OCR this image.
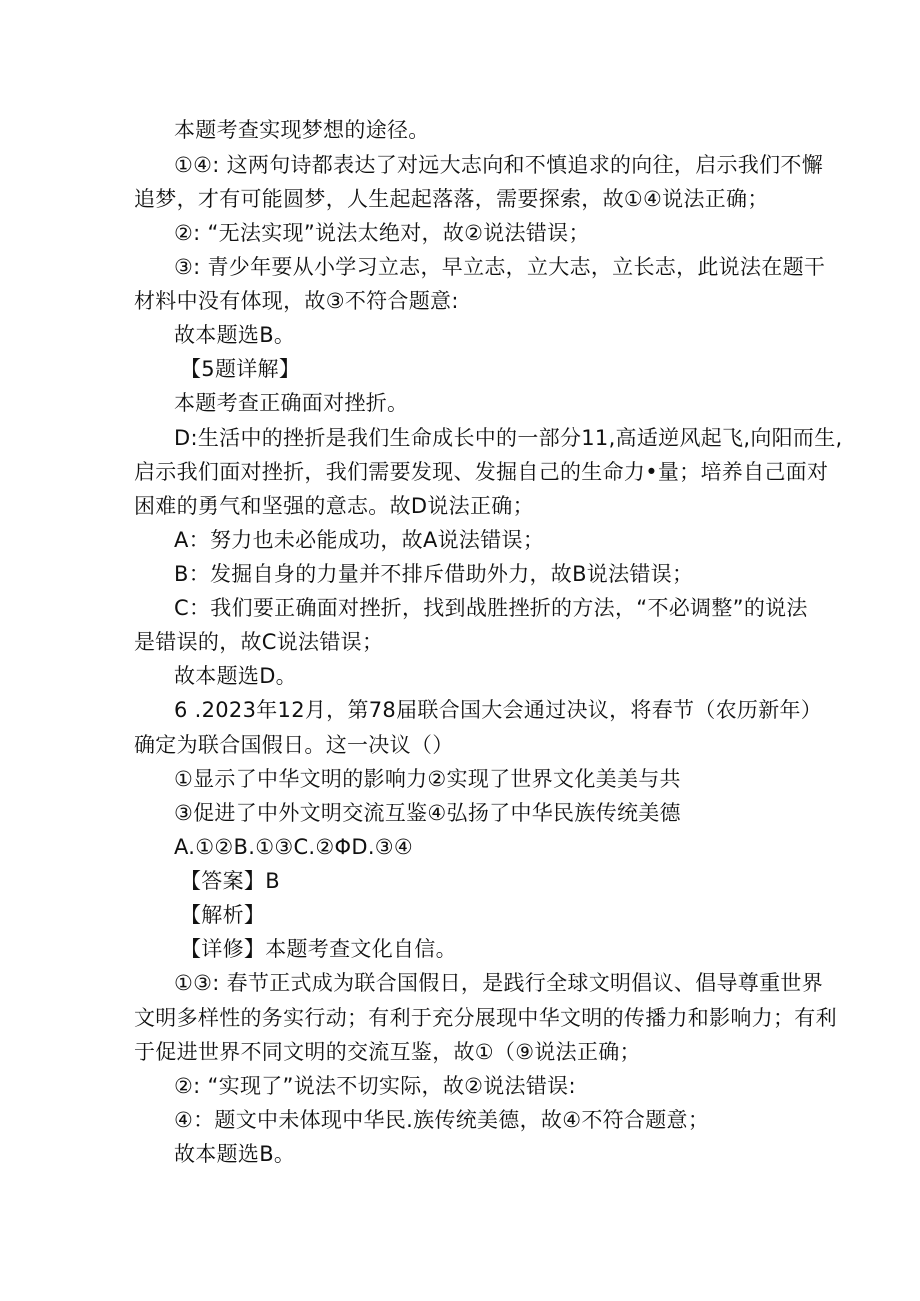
本题考查实现梦想的途径。
①④: 这两句诗都表达了对远大志向和不慎追求的向往，启示我们不懈
追梦，才有可能圆梦，人生起起落落，需要探索，故①④说法正确；
②: “无法实现”说法太绝对，故②说法错误；
③: 青少年要从小学习立志，早立志，立大志，立长志，此说法在题干
材料中没有体现，故③不符合题意:
故本题选B。
【5题详解】
本题考查正确面对挫折。
D:生活中的挫折是我们生命成长中的一部分11,高适逆风起飞,向阳而生,
启示我们面对挫折，我们需要发现、发掘自己的生命力•量；培养自己面对
困难的勇气和坚强的意志。故D说法正确；
A：努力也未必能成功，故A说法错误；
B：发掘自身的力量并不排斥借助外力，故B说法错误；
C：我们要正确面对挫折，找到战胜挫折的方法，“不必调整”的说法
是错误的，故C说法错误；
故本题选D。
6 .2023年12月，第78届联合国大会通过决议，将春节（农历新年）
确定为联合国假日。这一决议（）
①显示了中华文明的影响力②实现了世界文化美美与共
③促进了中外文明交流互鉴④弘扬了中华民族传统美德
A.①②B.①③C.②ΦD.③④
【答案】B
【解析】
【详修】本题考查文化自信。
①③: 春节正式成为联合国假日，是践行全球文明倡议、倡导尊重世界
文明多样性的务实行动；有利于充分展现中华文明的传播力和影响力；有利
于促进世界不同文明的交流互鉴，故①（⑨说法正确；
②: “实现了”说法不切实际，故②说法错误:
④：题文中未体现中华民.族传统美德，故④不符合题意；
故本题选B。
